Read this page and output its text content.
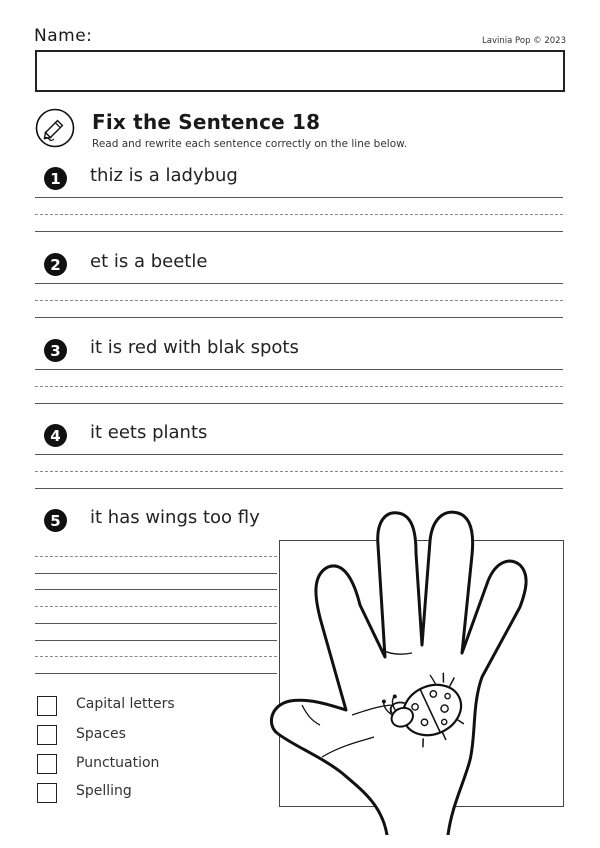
Name:	Lavinia Pop © 2023
Fix the Sentence 18
Read and rewrite each sentence correctly on the line below.
1	thiz is a ladybug
2	et is a beetle
3	it is red with blak spots
4	it eets plants
5	it has wings too fly
Capital letters
Spaces
Punctuation
Spelling
